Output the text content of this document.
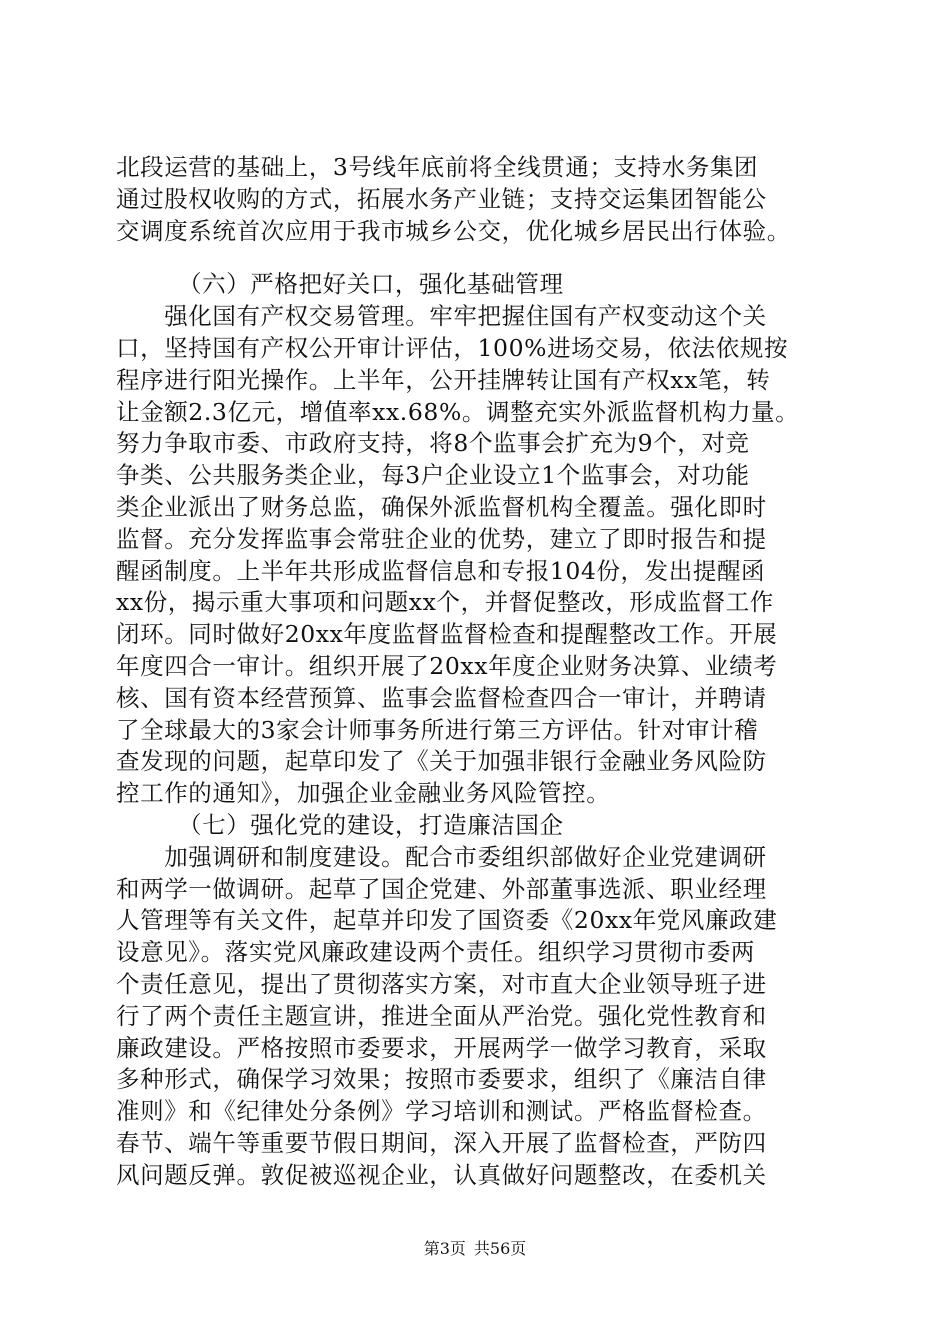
北段运营的基础上，3号线年底前将全线贯通；支持水务集团
通过股权收购的方式，拓展水务产业链；支持交运集团智能公
交调度系统首次应用于我市城乡公交，优化城乡居民出行体验。
（六）严格把好关口，强化基础管理
　　强化国有产权交易管理。牢牢把握住国有产权变动这个关
口，坚持国有产权公开审计评估，100%进场交易，依法依规按
程序进行阳光操作。上半年，公开挂牌转让国有产权xx笔，转
让金额2.3亿元，增值率xx.68%。调整充实外派监督机构力量。
努力争取市委、市政府支持，将8个监事会扩充为9个，对竞
争类、公共服务类企业，每3户企业设立1个监事会，对功能
类企业派出了财务总监，确保外派监督机构全覆盖。强化即时
监督。充分发挥监事会常驻企业的优势，建立了即时报告和提
醒函制度。上半年共形成监督信息和专报104份，发出提醒函
xx份，揭示重大事项和问题xx个，并督促整改，形成监督工作
闭环。同时做好20xx年度监督监督检查和提醒整改工作。开展
年度四合一审计。组织开展了20xx年度企业财务决算、业绩考
核、国有资本经营预算、监事会监督检查四合一审计，并聘请
了全球最大的3家会计师事务所进行第三方评估。针对审计稽
查发现的问题，起草印发了《关于加强非银行金融业务风险防
控工作的通知》，加强企业金融业务风险管控。
（七）强化党的建设，打造廉洁国企
　　加强调研和制度建设。配合市委组织部做好企业党建调研
和两学一做调研。起草了国企党建、外部董事选派、职业经理
人管理等有关文件，起草并印发了国资委《20xx年党风廉政建
设意见》。落实党风廉政建设两个责任。组织学习贯彻市委两
个责任意见，提出了贯彻落实方案，对市直大企业领导班子进
行了两个责任主题宣讲，推进全面从严治党。强化党性教育和
廉政建设。严格按照市委要求，开展两学一做学习教育，采取
多种形式，确保学习效果；按照市委要求，组织了《廉洁自律
准则》和《纪律处分条例》学习培训和测试。严格监督检查。
春节、端午等重要节假日期间，深入开展了监督检查，严防四
风问题反弹。敦促被巡视企业，认真做好问题整改，在委机关
第3页 共56页
